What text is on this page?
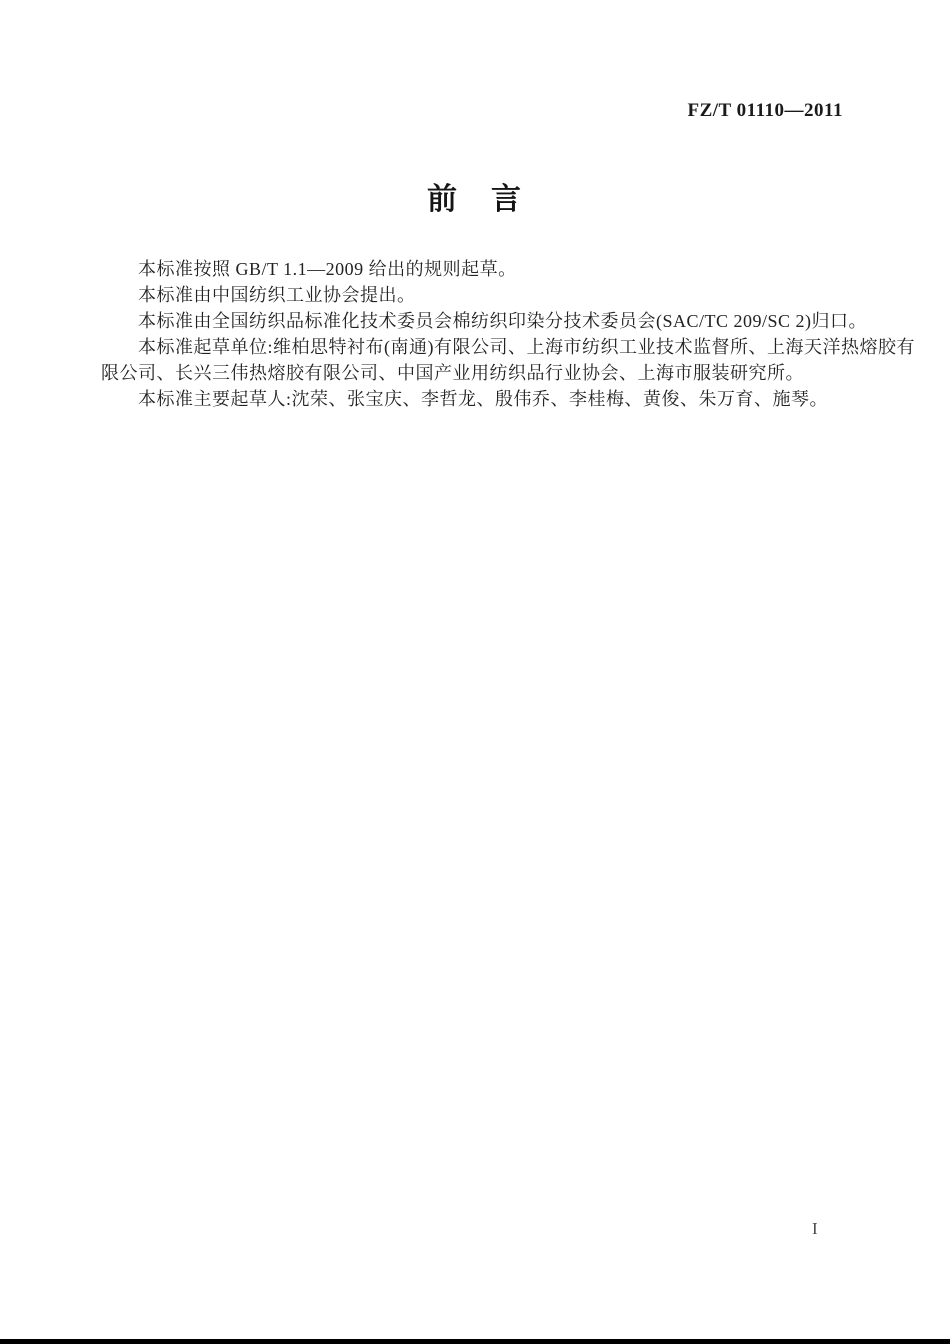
FZ/T 01110—2011
前　言
本标准按照 GB/T 1.1—2009 给出的规则起草。
本标准由中国纺织工业协会提出。
本标准由全国纺织品标准化技术委员会棉纺织印染分技术委员会(SAC/TC 209/SC 2)归口。
本标准起草单位:维柏思特衬布(南通)有限公司、上海市纺织工业技术监督所、上海天洋热熔胶有
限公司、长兴三伟热熔胶有限公司、中国产业用纺织品行业协会、上海市服装研究所。
本标准主要起草人:沈荣、张宝庆、李哲龙、殷伟乔、李桂梅、黄俊、朱万育、施琴。
I
